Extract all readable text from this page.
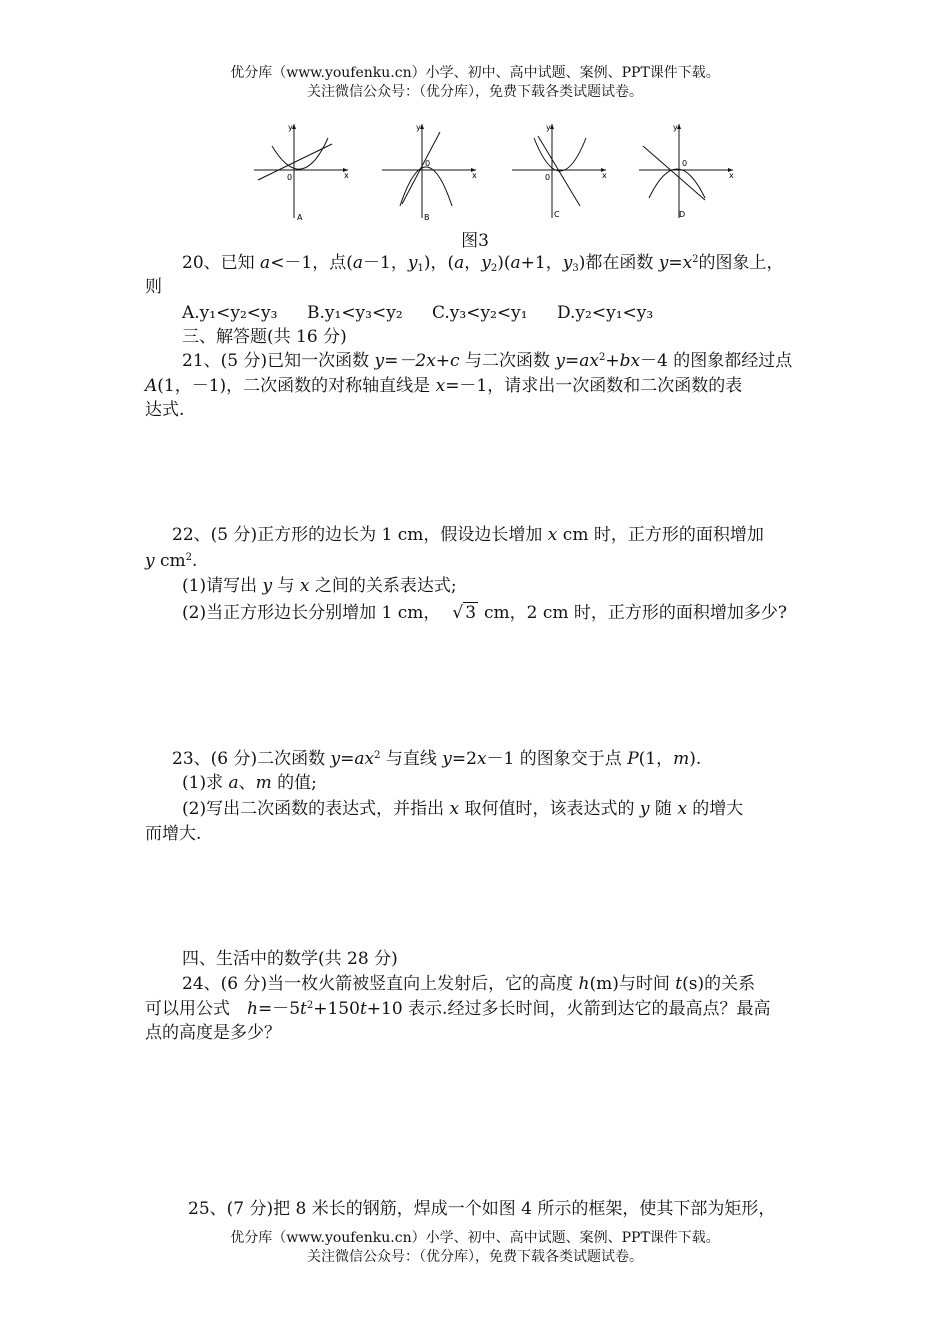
优分库（www.youfenku.cn）小学、初中、高中试题、案例、PPT课件下载。
关注微信公众号：（优分库），免费下载各类试题试卷。
x
y
0
A
x
y
0
B
x
y
0
C
x
y
0
D
图3
20、已知 a<－1，点(a－1，$y_1$)，(a，$y_2)(a+1$，$y_3$)都在函数 $y=x^2$的图象上，
则
A.y₁<y₂<y₃ B.y₁<y₃<y₂ C.y₃<y₂<y₁ D.y₂<y₁<y₃
三、解答题(共 16 分)
21、(5 分)已知一次函数 y=－2x+c 与二次函数 $y=ax^2+bx-4$ 的图象都经过点
A(1，－1)，二次函数的对称轴直线是 x=－1，请求出一次函数和二次函数的表
达式.
22、(5 分)正方形的边长为 1 cm，假设边长增加 x cm 时，正方形的面积增加
y $cm^2$.
(1)请写出 y 与 x 之间的关系表达式;
(2)当正方形边长分别增加 1 cm， √ 3 cm，2 cm 时，正方形的面积增加多少?
23、(6 分)二次函数 $y=ax^2$ 与直线 y=2x－1 的图象交于点 P(1，m).
(1)求 a、m 的值;
(2)写出二次函数的表达式，并指出 x 取何值时，该表达式的 y 随 x 的增大
而增大.
四、生活中的数学(共 28 分)
24、(6 分)当一枚火箭被竖直向上发射后，它的高度 h(m)与时间 t(s)的关系
可以用公式　$h=-5t^2+150t+10$ 表示.经过多长时间，火箭到达它的最高点？最高
点的高度是多少？
25、(7 分)把 8 米长的钢筋，焊成一个如图 4 所示的框架，使其下部为矩形，
优分库（www.youfenku.cn）小学、初中、高中试题、案例、PPT课件下载。
关注微信公众号：（优分库），免费下载各类试题试卷。
